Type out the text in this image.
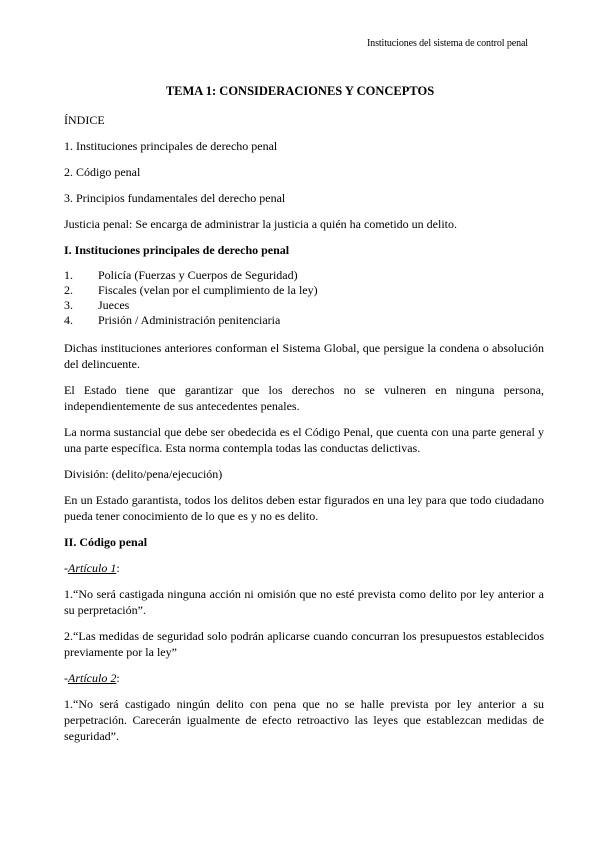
Instituciones del sistema de control penal
TEMA 1: CONSIDERACIONES Y CONCEPTOS

ÍNDICE

1. Instituciones principales de derecho penal

2. Código penal

3. Principios fundamentales del derecho penal

Justicia penal: Se encarga de administrar la justicia a quién ha cometido un delito.

I. Instituciones principales de derecho penal

1.	Policía (Fuerzas y Cuerpos de Seguridad)
2.	Fiscales (velan por el cumplimiento de la ley)
3.	Jueces
4.	Prisión / Administración penitenciaria

Dichas instituciones anteriores conforman el Sistema Global, que persigue la condena o absolución del delincuente.

El Estado tiene que garantizar que los derechos no se vulneren en ninguna persona, independientemente de sus antecedentes penales.

La norma sustancial que debe ser obedecida es el Código Penal, que cuenta con una parte general y una parte específica. Esta norma contempla todas las conductas delictivas.

División: (delito/pena/ejecución)

En un Estado garantista, todos los delitos deben estar figurados en una ley para que todo ciudadano pueda tener conocimiento de lo que es y no es delito.

II. Código penal

-Artículo 1:

1.“No será castigada ninguna acción ni omisión que no esté prevista como delito por ley anterior a su perpretación”.

2.“Las medidas de seguridad solo podrán aplicarse cuando concurran los presupuestos establecidos previamente por la ley”

-Artículo 2:

1.“No será castigado ningún delito con pena que no se halle prevista por ley anterior a su perpetración. Carecerán igualmente de efecto retroactivo las leyes que establezcan medidas de seguridad”.
